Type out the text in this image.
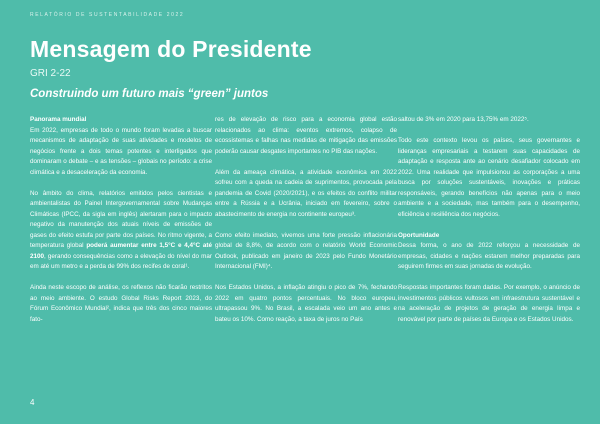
RELATÓRIO DE SUSTENTABILIDADE 2022
Mensagem do Presidente
GRI 2-22
Construindo um futuro mais “green” juntos
Panorama mundial

Em 2022, empresas de todo o mundo foram levadas a buscar mecanismos de adaptação de suas atividades e modelos de negócios frente a dois temas potentes e interligados que dominaram o debate – e as tensões – globais no período: a crise climática e a desaceleração da economia.

No âmbito do clima, relatórios emitidos pelos cientistas e ambientalistas do Painel Intergovernamental sobre Mudanças Climáticas (IPCC, da sigla em inglês) alertaram para o impacto negativo da manutenção dos atuais níveis de emissões de gases do efeito estufa por parte dos países. No ritmo vigente, a temperatura global poderá aumentar entre 1,5°C e 4,4°C até 2100, gerando consequências como a elevação do nível do mar em até um metro e a perda de 99% dos recifes de coral¹.

Ainda neste escopo de análise, os reflexos não ficarão restritos ao meio ambiente. O estudo Global Risks Report 2023, do Fórum Econômico Mundial², indica que três dos cinco maiores fato-

res de elevação de risco para a economia global estão relacionados ao clima: eventos extremos, colapso de ecossistemas e falhas nas medidas de mitigação das emissões poderão causar desgates importantes no PIB das nações.

Além da ameaça climática, a atividade econômica em 2022 sofreu com a queda na cadeia de suprimentos, provocada pela pandemia de Covid (2020/2021), e os efeitos do conflito militar entre a Rússia e a Ucrânia, iniciado em fevereiro, sobre o abastecimento de energia no continente europeu³.

Como efeito imediato, vivemos uma forte pressão inflacionária global de 8,8%, de acordo com o relatório World Economic Outlook, publicado em janeiro de 2023 pelo Fundo Monetário Internacional (FMI)⁴.

Nos Estados Unidos, a inflação atingiu o pico de 7%, fechando 2022 em quatro pontos percentuais. No bloco europeu, ultrapassou 9%. No Brasil, a escalada veio um ano antes e bateu os 10%. Como reação, a taxa de juros no País

saltou de 3% em 2020 para 13,75% em 2022⁵.

Todo este contexto levou os países, seus governantes e lideranças empresariais a testarem suas capacidades de adaptação e resposta ante ao cenário desafiador colocado em 2022. Uma realidade que impulsionou as corporações a uma busca por soluções sustentáveis, inovações e práticas responsáveis, gerando benefícios não apenas para o meio ambiente e a sociedade, mas também para o desempenho, eficiência e resiliência dos negócios.

Oportunidade

Dessa forma, o ano de 2022 reforçou a necessidade de empresas, cidades e nações estarem melhor preparadas para seguirem firmes em suas jornadas de evolução.

Respostas importantes foram dadas. Por exemplo, o anúncio de investimentos públicos vultosos em infraestrutura sustentável e na aceleração de projetos de geração de energia limpa e renovável por parte de países da Europa e os Estados Unidos.

4
